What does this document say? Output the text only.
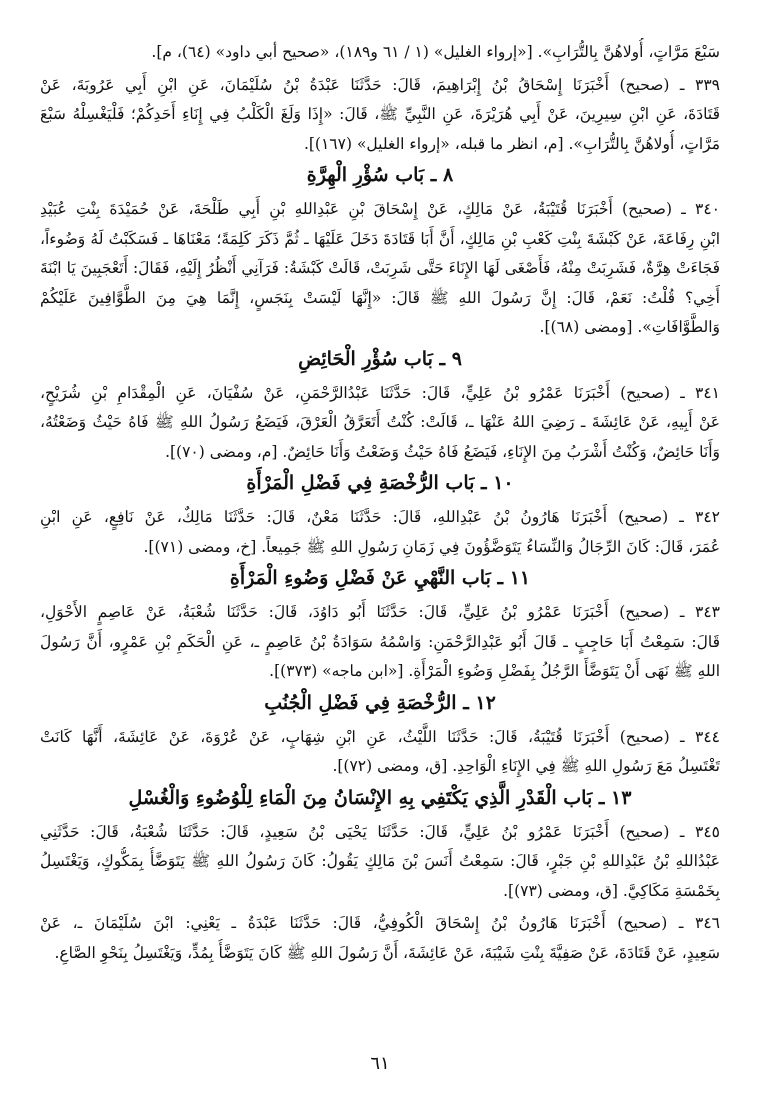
سَبْعَ مَرَّاتٍ، أُولاهُنَّ بِالتُّرَابِ». [«إرواء الغليل» (١ / ٦١ و١٨٩)، «صحيح أبي داود» (٦٤)، م].
٣٣٩ ـ (صحيح) أَخْبَرَنَا إِسْحَاقُ بْنُ إِبْرَاهِيمَ، قَالَ: حَدَّثَنَا عَبْدَةُ بْنُ سُلَيْمَانَ، عَنِ ابْنِ أَبِي عَرُوبَةَ، عَنْ
قَتَادَةَ، عَنِ ابْنِ سِيرِينَ، عَنْ أَبِي هُرَيْرَةَ، عَنِ النَّبِيِّ ﷺ، قَالَ: «إِذَا وَلَغَ الْكَلْبُ فِي إِنَاءِ أَحَدِكُمْ؛ فَلْيَغْسِلْهُ سَبْعَ
مَرَّاتٍ، أُولاهُنَّ بِالتُّرَابِ». [م، انظر ما قبله، «إرواء الغليل» (١٦٧)].
٨ ـ بَاب سُؤْرِ الْهِرَّةِ
٣٤٠ ـ (صحيح) أَخْبَرَنَا قُتَيْبَةُ، عَنْ مَالِكٍ، عَنْ إِسْحَاقَ بْنِ عَبْدِاللهِ بْنِ أَبِي طَلْحَةَ، عَنْ حُمَيْدَةَ بِنْتِ عُبَيْدِ
ابْنِ رِفَاعَةَ، عَنْ كَبْشَةَ بِنْتِ كَعْبِ بْنِ مَالِكٍ، أَنَّ أَبَا قَتَادَةَ دَخَلَ عَلَيْهَا ـ ثُمَّ ذَكَرَ كَلِمَةً؛ مَعْنَاهَا ـ فَسَكَبْتُ لَهُ وَضُوءاً،
فَجَاءَتْ هِرَّةٌ، فَشَرِبَتْ مِنْهُ، فَأَصْغَى لَهَا الإِنَاءَ حَتَّى شَرِبَتْ، قَالَتْ كَبْشَةُ: فَرَآنِي أَنْظُرُ إِلَيْهِ، فَقَالَ: أَتَعْجَبِينَ يَا ابْنَةَ
أَخِي؟ قُلْتُ: نَعَمْ، قَالَ: إِنَّ رَسُولَ اللهِ ﷺ قَالَ: «إِنَّهَا لَيْسَتْ بِنَجَسٍ، إِنَّمَا هِيَ مِنَ الطَّوَّافِينَ عَلَيْكُمْ
وَالطَّوَّافَاتِ». [ومضى (٦٨)].
٩ ـ بَاب سُؤْرِ الْحَائِضِ
٣٤١ ـ (صحيح) أَخْبَرَنَا عَمْرُو بْنُ عَلِيٍّ، قَالَ: حَدَّثَنَا عَبْدُالرَّحْمَنِ، عَنْ سُفْيَانَ، عَنِ الْمِقْدَامِ بْنِ شُرَيْحٍ،
عَنْ أَبِيهِ، عَنْ عَائِشَةَ ـ رَضِيَ اللهُ عَنْهَا ـ، قَالَتْ: كُنْتُ أَتَعَرَّقُ الْعَرْقَ، فَيَضَعُ رَسُولُ اللهِ ﷺ فَاهُ حَيْثُ وَضَعْتُهُ،
وَأَنَا حَائِضٌ، وَكُنْتُ أَشْرَبُ مِنَ الإِنَاءِ، فَيَضَعُ فَاهُ حَيْثُ وَضَعْتُ وَأَنَا حَائِضٌ. [م، ومضى (٧٠)].
١٠ ـ بَاب الرُّخْصَةِ فِي فَضْلِ الْمَرْأَةِ
٣٤٢ ـ (صحيح) أَخْبَرَنَا هَارُونُ بْنُ عَبْدِاللهِ، قَالَ: حَدَّثَنَا مَعْنٌ، قَالَ: حَدَّثَنَا مَالِكٌ، عَنْ نَافِعٍ، عَنِ ابْنِ
عُمَرَ، قَالَ: كَانَ الرِّجَالُ وَالنِّسَاءُ يَتَوَضَّؤُونَ فِي زَمَانِ رَسُولِ اللهِ ﷺ جَمِيعاً. [خ، ومضى (٧١)].
١١ ـ بَاب النَّهْيِ عَنْ فَضْلِ وَضُوءِ الْمَرْأَةِ
٣٤٣ ـ (صحيح) أَخْبَرَنَا عَمْرُو بْنُ عَلِيٍّ، قَالَ: حَدَّثَنَا أَبُو دَاوُدَ، قَالَ: حَدَّثَنَا شُعْبَةُ، عَنْ عَاصِمٍ الأَحْوَلِ،
قَالَ: سَمِعْتُ أَبَا حَاجِبٍ ـ قَالَ أَبُو عَبْدِالرَّحْمَنِ: وَاسْمُهُ سَوَادَةُ بْنُ عَاصِمٍ ـ، عَنِ الْحَكَمِ بْنِ عَمْرٍو، أَنَّ رَسُولَ
اللهِ ﷺ نَهَى أَنْ يَتَوَضَّأَ الرَّجُلُ بِفَضْلِ وَضُوءِ الْمَرْأَةِ. [«ابن ماجه» (٣٧٣)].
١٢ ـ الرُّخْصَةِ فِي فَضْلِ الْجُنُبِ
٣٤٤ ـ (صحيح) أَخْبَرَنَا قُتَيْبَةُ، قَالَ: حَدَّثَنَا اللَّيْثُ، عَنِ ابْنِ شِهَابٍ، عَنْ عُرْوَةَ، عَنْ عَائِشَةَ، أَنَّهَا كَانَتْ
تَغْتَسِلُ مَعَ رَسُولِ اللهِ ﷺ فِي الإِنَاءِ الْوَاحِدِ. [ق، ومضى (٧٢)].
١٣ ـ بَاب الْقَدْرِ الَّذِي يَكْتَفِي بِهِ الإِنْسَانُ مِنَ الْمَاءِ لِلْوُضُوءِ وَالْغُسْلِ
٣٤٥ ـ (صحيح) أَخْبَرَنَا عَمْرُو بْنُ عَلِيٍّ، قَالَ: حَدَّثَنَا يَحْيَى بْنُ سَعِيدٍ، قَالَ: حَدَّثَنَا شُعْبَةُ، قَالَ: حَدَّثَنِي
عَبْدُاللهِ بْنُ عَبْدِاللهِ بْنِ جَبْرٍ، قَالَ: سَمِعْتُ أَنَسَ بْنَ مَالِكٍ يَقُولُ: كَانَ رَسُولُ اللهِ ﷺ يَتَوَضَّأُ بِمَكُّوكٍ، وَيَغْتَسِلُ
بِخَمْسَةِ مَكَاكِيَّ. [ق، ومضى (٧٣)].
٣٤٦ ـ (صحيح) أَخْبَرَنَا هَارُونُ بْنُ إِسْحَاقَ الْكُوفِيُّ، قَالَ: حَدَّثَنَا عَبْدَةُ ـ يَعْنِي: ابْنَ سُلَيْمَانَ ـ، عَنْ
سَعِيدٍ، عَنْ قَتَادَةَ، عَنْ صَفِيَّةَ بِنْتِ شَيْبَةَ، عَنْ عَائِشَةَ، أَنَّ رَسُولَ اللهِ ﷺ كَانَ يَتَوَضَّأُ بِمُدٍّ، وَيَغْتَسِلُ بِنَحْوِ الصَّاعِ.
٦١
